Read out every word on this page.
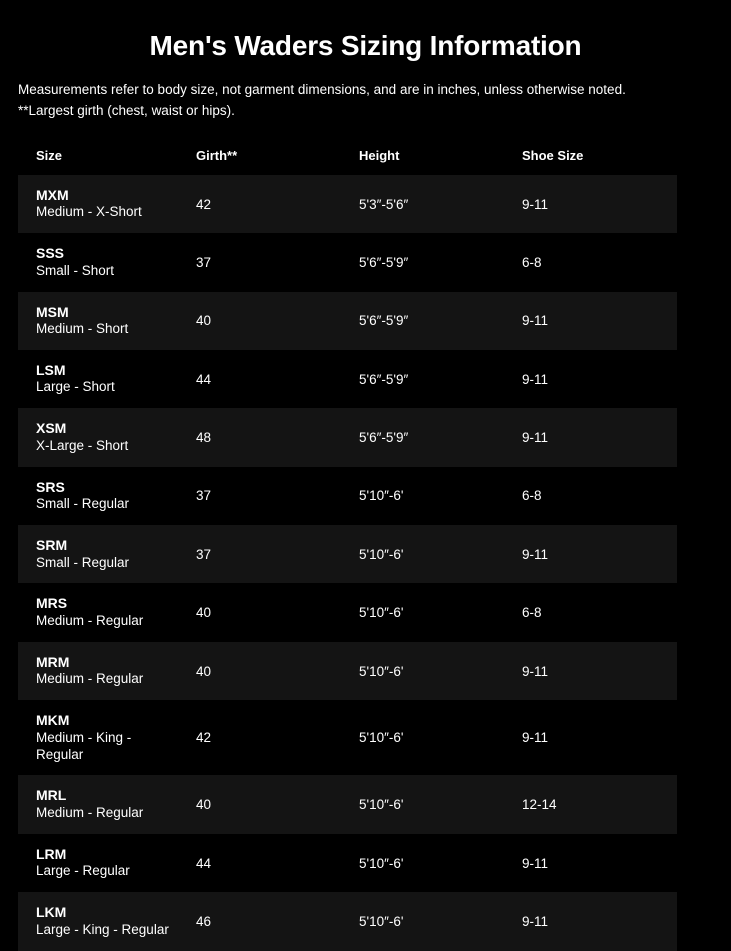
Men's Waders Sizing Information

Measurements refer to body size, not garment dimensions, and are in inches, unless otherwise noted. **Largest girth (chest, waist or hips).

Size	Girth**	Height	Shoe Size

MXM
Medium - X-Short	42	5'3″-5'6″	9-11

SSS
Small - Short	37	5'6″-5'9″	6-8

MSM
Medium - Short	40	5'6″-5'9″	9-11

LSM
Large - Short	44	5'6″-5'9″	9-11

XSM
X-Large - Short	48	5'6″-5'9″	9-11

SRS
Small - Regular	37	5'10″-6'	6-8

SRM
Small - Regular	37	5'10″-6'	9-11

MRS
Medium - Regular	40	5'10″-6'	6-8

MRM
Medium - Regular	40	5'10″-6'	9-11

MKM
Medium - King - Regular	42	5'10″-6'	9-11

MRL
Medium - Regular	40	5'10″-6'	12-14

LRM
Large - Regular	44	5'10″-6'	9-11

LKM
Large - King - Regular	46	5'10″-6'	9-11
